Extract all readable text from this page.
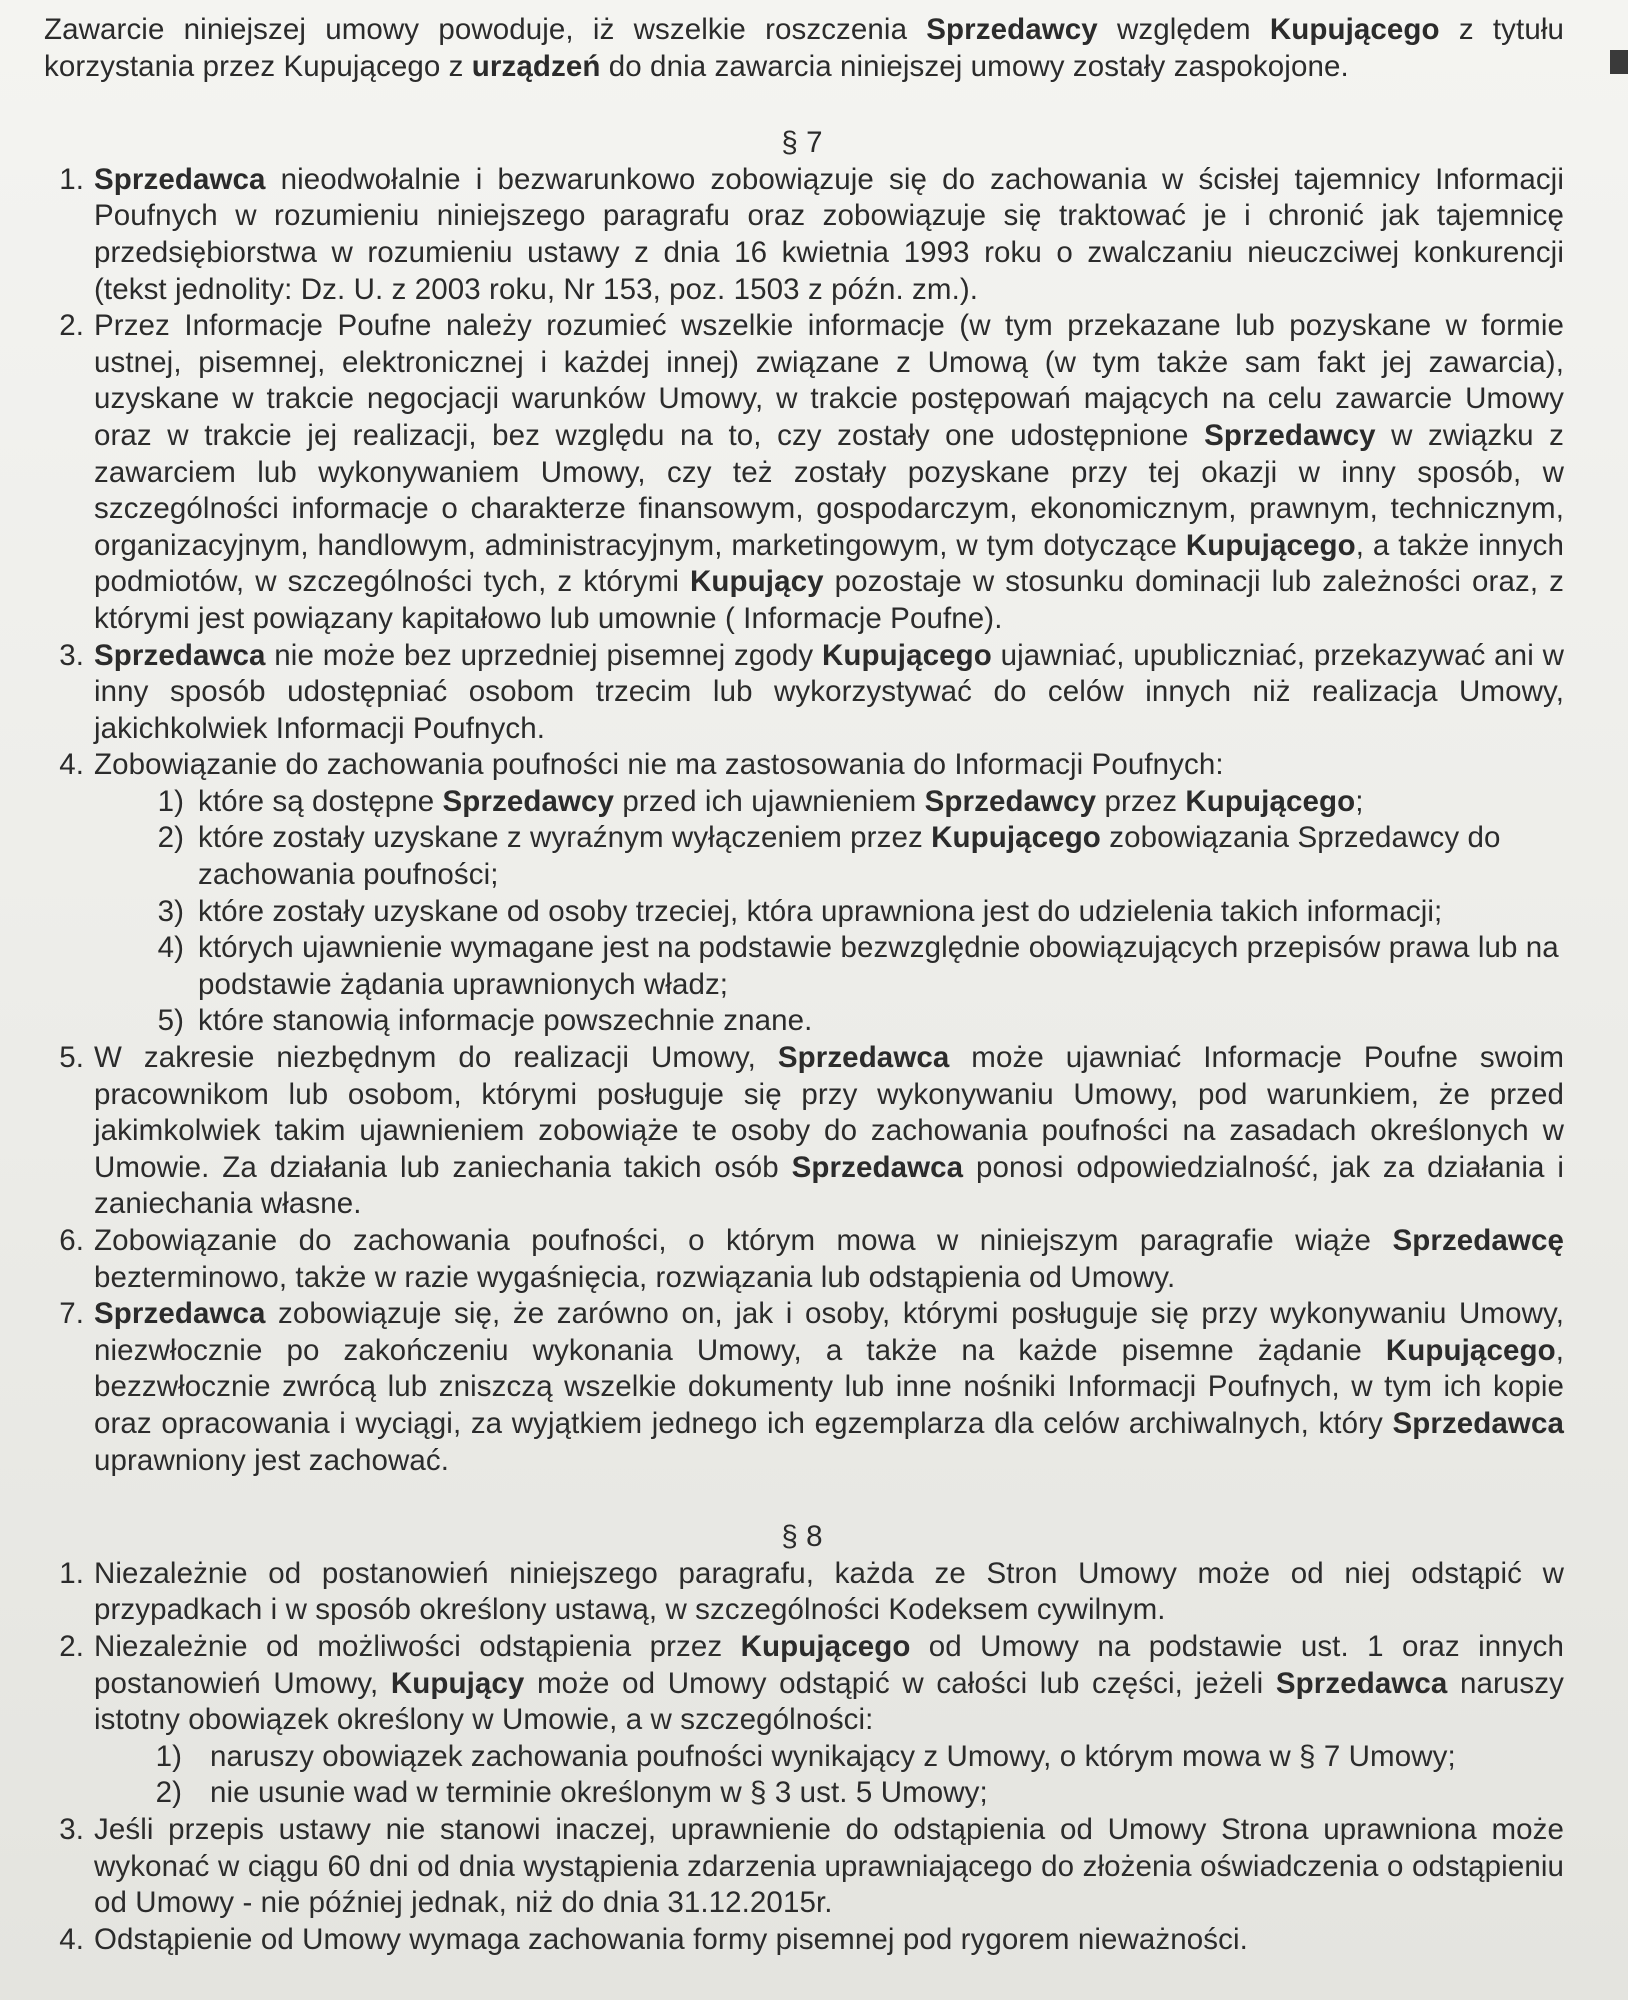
Zawarcie niniejszej umowy powoduje, iż wszelkie roszczenia Sprzedawcy względem Kupującego z tytułu korzystania przez Kupującego z urządzeń do dnia zawarcia niniejszej umowy zostały zaspokojone.

§ 7

1. Sprzedawca nieodwołalnie i bezwarunkowo zobowiązuje się do zachowania w ścisłej tajemnicy Informacji Poufnych w rozumieniu niniejszego paragrafu oraz zobowiązuje się traktować je i chronić jak tajemnicę przedsiębiorstwa w rozumieniu ustawy z dnia 16 kwietnia 1993 roku o zwalczaniu nieuczciwej konkurencji (tekst jednolity: Dz. U. z 2003 roku, Nr 153, poz. 1503 z późn. zm.).
2. Przez Informacje Poufne należy rozumieć wszelkie informacje (w tym przekazane lub pozyskane w formie ustnej, pisemnej, elektronicznej i każdej innej) związane z Umową (w tym także sam fakt jej zawarcia), uzyskane w trakcie negocjacji warunków Umowy, w trakcie postępowań mających na celu zawarcie Umowy oraz w trakcie jej realizacji, bez względu na to, czy zostały one udostępnione Sprzedawcy w związku z zawarciem lub wykonywaniem Umowy, czy też zostały pozyskane przy tej okazji w inny sposób, w szczególności informacje o charakterze finansowym, gospodarczym, ekonomicznym, prawnym, technicznym, organizacyjnym, handlowym, administracyjnym, marketingowym, w tym dotyczące Kupującego, a także innych podmiotów, w szczególności tych, z którymi Kupujący pozostaje w stosunku dominacji lub zależności oraz, z którymi jest powiązany kapitałowo lub umownie ( Informacje Poufne).
3. Sprzedawca nie może bez uprzedniej pisemnej zgody Kupującego ujawniać, upubliczniać, przekazywać ani w inny sposób udostępniać osobom trzecim lub wykorzystywać do celów innych niż realizacja Umowy, jakichkolwiek Informacji Poufnych.
4. Zobowiązanie do zachowania poufności nie ma zastosowania do Informacji Poufnych:
1) które są dostępne Sprzedawcy przed ich ujawnieniem Sprzedawcy przez Kupującego;
2) które zostały uzyskane z wyraźnym wyłączeniem przez Kupującego zobowiązania Sprzedawcy do zachowania poufności;
3) które zostały uzyskane od osoby trzeciej, która uprawniona jest do udzielenia takich informacji;
4) których ujawnienie wymagane jest na podstawie bezwzględnie obowiązujących przepisów prawa lub na podstawie żądania uprawnionych władz;
5) które stanowią informacje powszechnie znane.
5. W zakresie niezbędnym do realizacji Umowy, Sprzedawca może ujawniać Informacje Poufne swoim pracownikom lub osobom, którymi posługuje się przy wykonywaniu Umowy, pod warunkiem, że przed jakimkolwiek takim ujawnieniem zobowiąże te osoby do zachowania poufności na zasadach określonych w Umowie. Za działania lub zaniechania takich osób Sprzedawca ponosi odpowiedzialność, jak za działania i zaniechania własne.
6. Zobowiązanie do zachowania poufności, o którym mowa w niniejszym paragrafie wiąże Sprzedawcę bezterminowo, także w razie wygaśnięcia, rozwiązania lub odstąpienia od Umowy.
7. Sprzedawca zobowiązuje się, że zarówno on, jak i osoby, którymi posługuje się przy wykonywaniu Umowy, niezwłocznie po zakończeniu wykonania Umowy, a także na każde pisemne żądanie Kupującego, bezzwłocznie zwrócą lub zniszczą wszelkie dokumenty lub inne nośniki Informacji Poufnych, w tym ich kopie oraz opracowania i wyciągi, za wyjątkiem jednego ich egzemplarza dla celów archiwalnych, który Sprzedawca uprawniony jest zachować.

§ 8

1. Niezależnie od postanowień niniejszego paragrafu, każda ze Stron Umowy może od niej odstąpić w przypadkach i w sposób określony ustawą, w szczególności Kodeksem cywilnym.
2. Niezależnie od możliwości odstąpienia przez Kupującego od Umowy na podstawie ust. 1 oraz innych postanowień Umowy, Kupujący może od Umowy odstąpić w całości lub części, jeżeli Sprzedawca naruszy istotny obowiązek określony w Umowie, a w szczególności:
1) naruszy obowiązek zachowania poufności wynikający z Umowy, o którym mowa w § 7 Umowy;
2) nie usunie wad w terminie określonym w § 3 ust. 5 Umowy;
3. Jeśli przepis ustawy nie stanowi inaczej, uprawnienie do odstąpienia od Umowy Strona uprawniona może wykonać w ciągu 60 dni od dnia wystąpienia zdarzenia uprawniającego do złożenia oświadczenia o odstąpieniu od Umowy - nie później jednak, niż do dnia 31.12.2015r.
4. Odstąpienie od Umowy wymaga zachowania formy pisemnej pod rygorem nieważności.
